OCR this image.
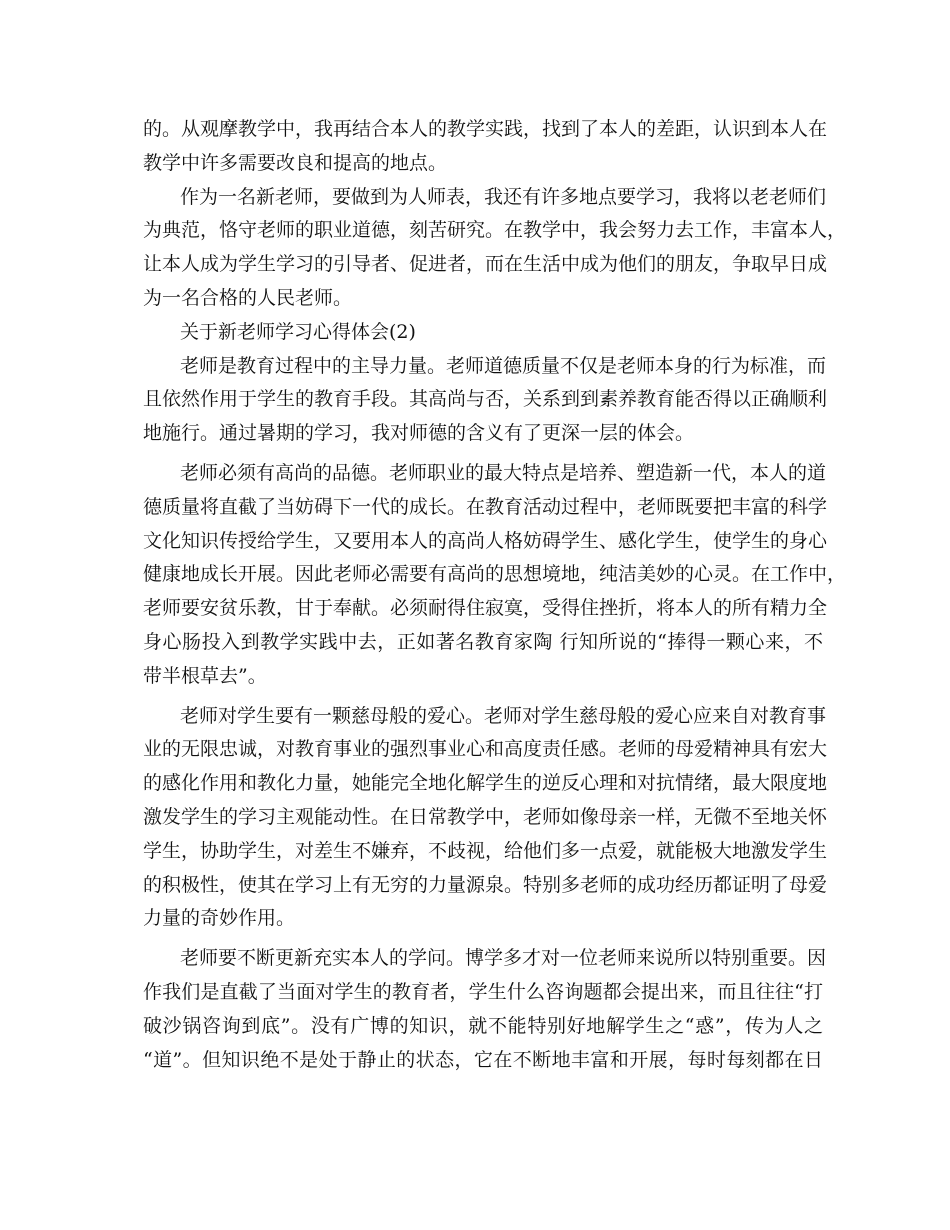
的。从观摩教学中，我再结合本人的教学实践，找到了本人的差距，认识到本人在
教学中许多需要改良和提高的地点。
作为一名新老师，要做到为人师表，我还有许多地点要学习，我将以老老师们
为典范，恪守老师的职业道德，刻苦研究。在教学中，我会努力去工作，丰富本人，
让本人成为学生学习的引导者、促进者，而在生活中成为他们的朋友，争取早日成
为一名合格的人民老师。
关于新老师学习心得体会(2)
老师是教育过程中的主导力量。老师道德质量不仅是老师本身的行为标准，而
且依然作用于学生的教育手段。其高尚与否，关系到到素养教育能否得以正确顺利
地施行。通过暑期的学习，我对师德的含义有了更深一层的体会。
老师必须有高尚的品德。老师职业的最大特点是培养、塑造新一代，本人的道
德质量将直截了当妨碍下一代的成长。在教育活动过程中，老师既要把丰富的科学
文化知识传授给学生，又要用本人的高尚人格妨碍学生、感化学生，使学生的身心
健康地成长开展。因此老师必需要有高尚的思想境地，纯洁美妙的心灵。在工作中，
老师要安贫乐教，甘于奉献。必须耐得住寂寞，受得住挫折，将本人的所有精力全
身心肠投入到教学实践中去，正如著名教育家陶 行知所说的“捧得一颗心来，不
带半根草去”。
老师对学生要有一颗慈母般的爱心。老师对学生慈母般的爱心应来自对教育事
业的无限忠诚，对教育事业的强烈事业心和高度责任感。老师的母爱精神具有宏大
的感化作用和教化力量，她能完全地化解学生的逆反心理和对抗情绪，最大限度地
激发学生的学习主观能动性。在日常教学中，老师如像母亲一样，无微不至地关怀
学生，协助学生，对差生不嫌弃，不歧视，给他们多一点爱，就能极大地激发学生
的积极性，使其在学习上有无穷的力量源泉。特别多老师的成功经历都证明了母爱
力量的奇妙作用。
老师要不断更新充实本人的学问。博学多才对一位老师来说所以特别重要。因
作我们是直截了当面对学生的教育者，学生什么咨询题都会提出来，而且往往“打
破沙锅咨询到底”。没有广博的知识，就不能特别好地解学生之“惑”，传为人之
“道”。但知识绝不是处于静止的状态，它在不断地丰富和开展，每时每刻都在日
